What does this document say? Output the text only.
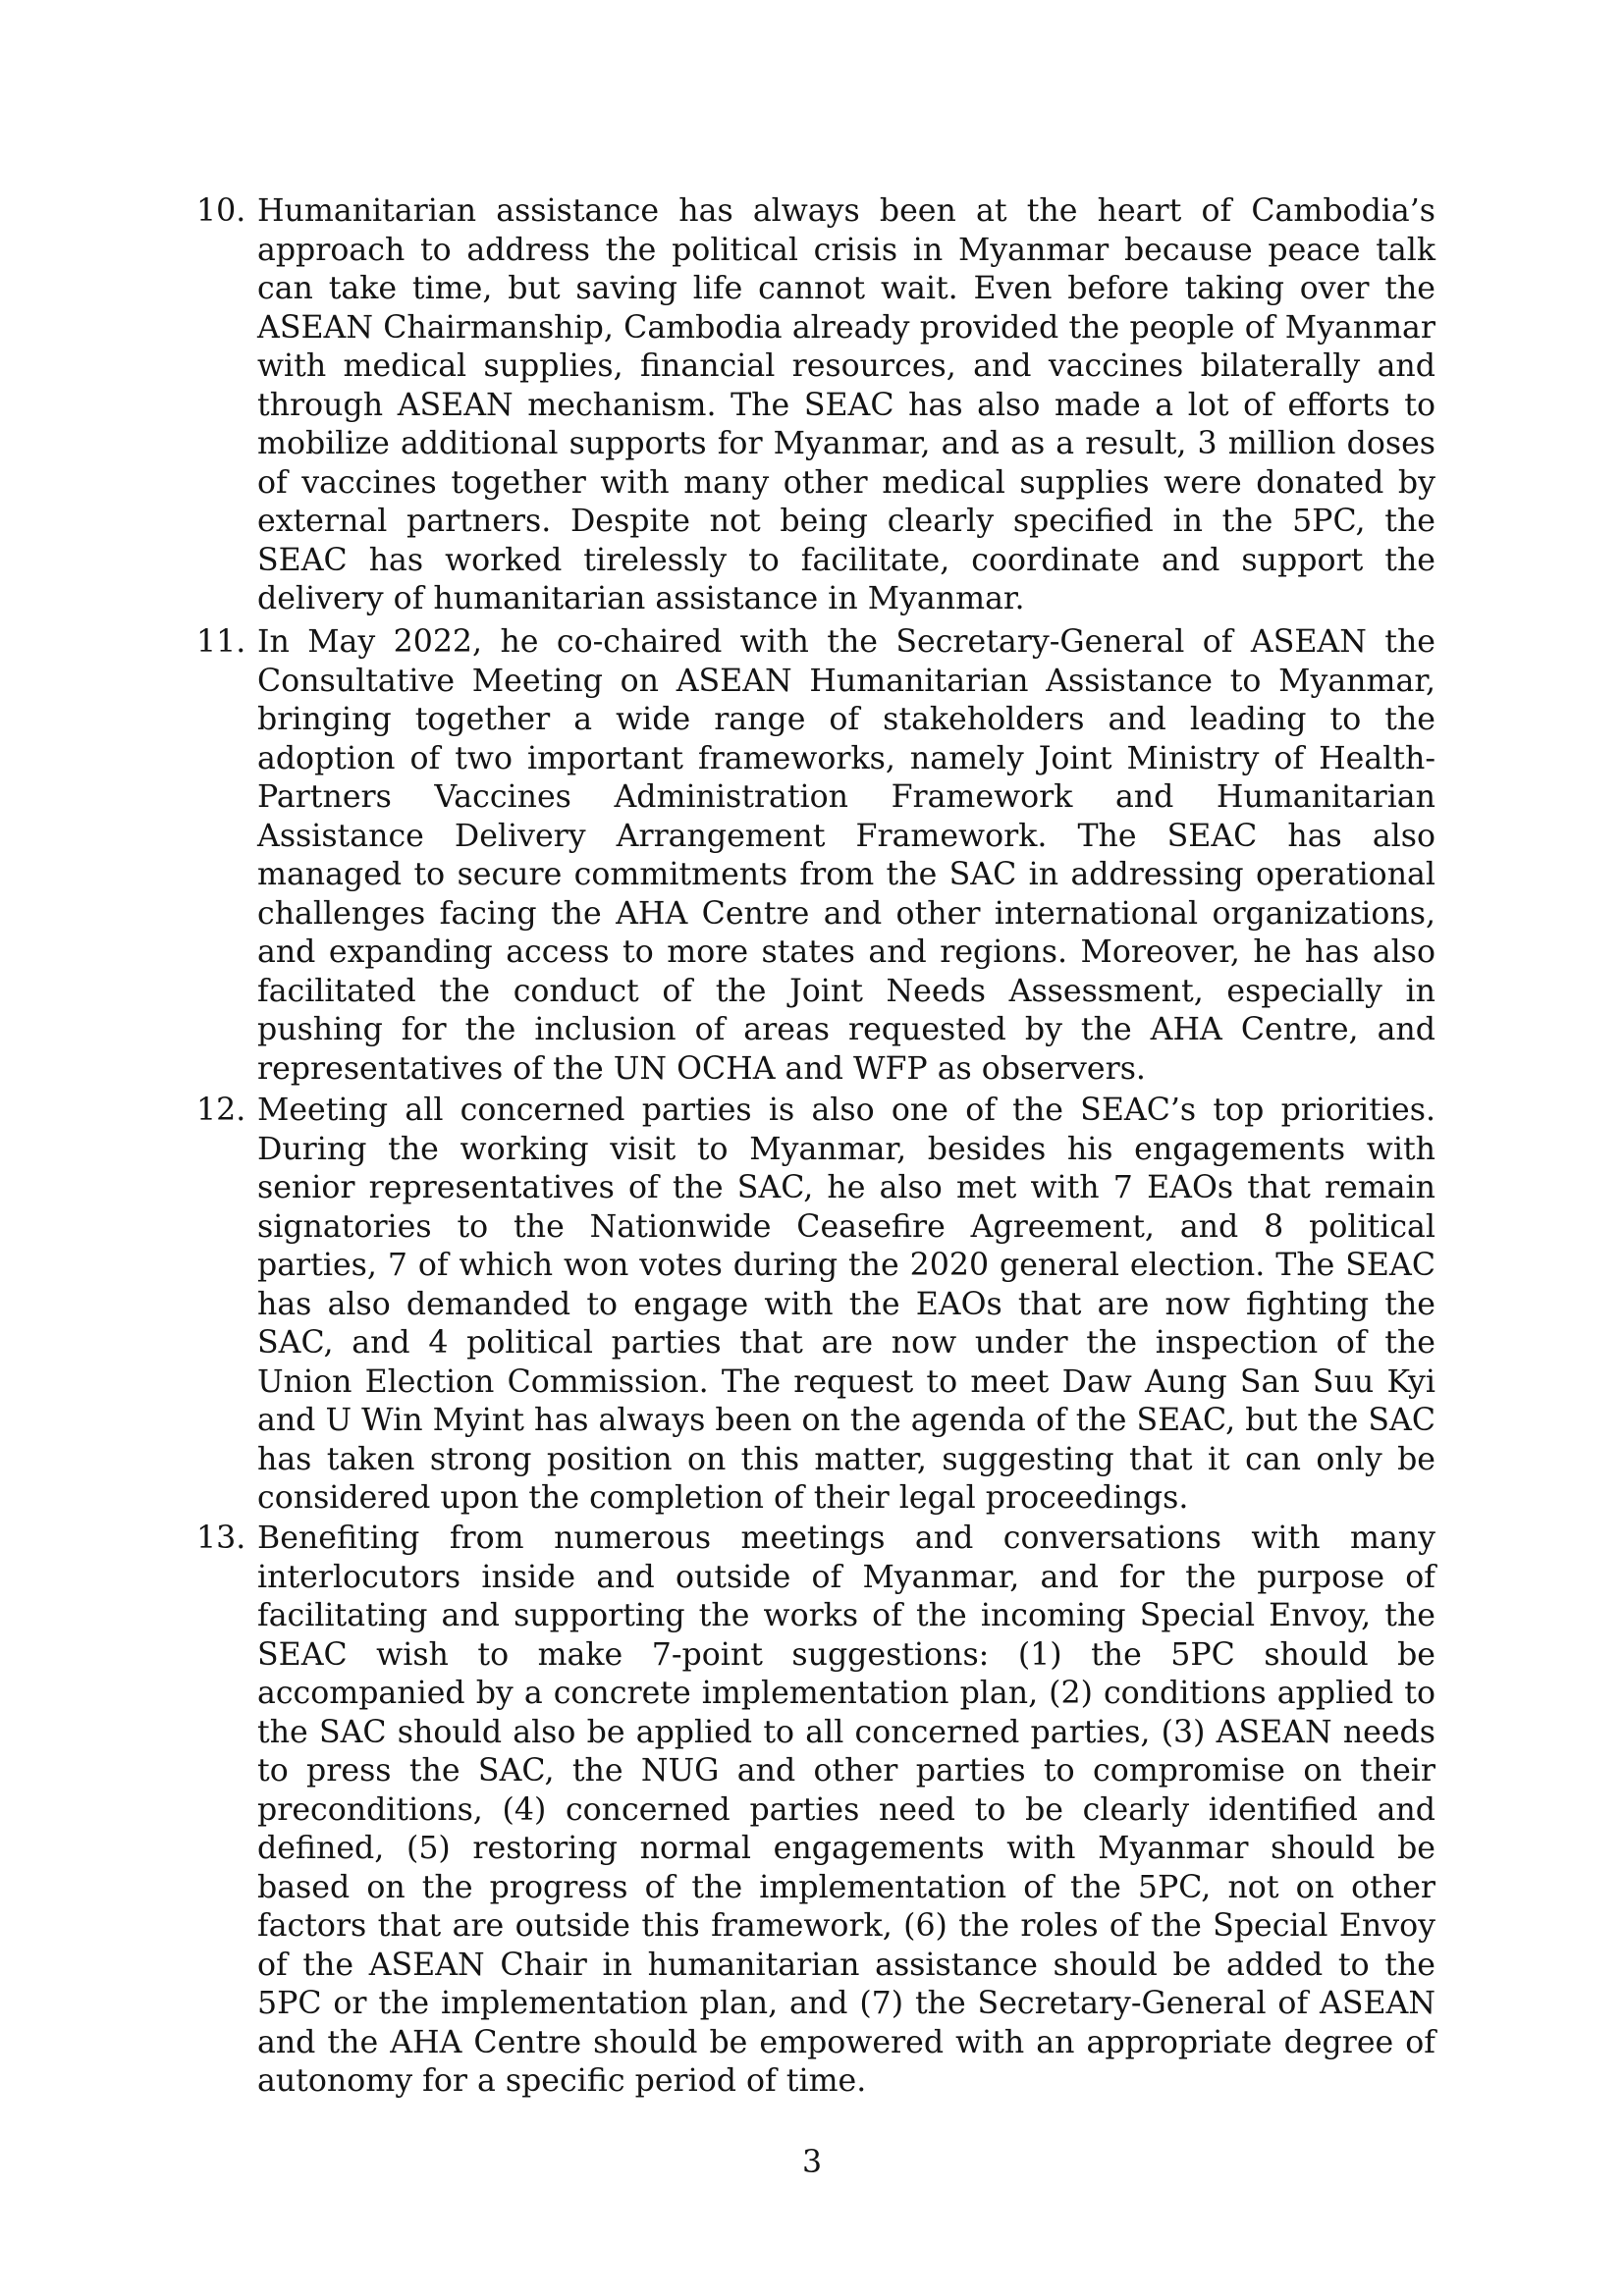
10. Humanitarian assistance has always been at the heart of Cambodia’s approach to address the political crisis in Myanmar because peace talk can take time, but saving life cannot wait. Even before taking over the ASEAN Chairmanship, Cambodia already provided the people of Myanmar with medical supplies, financial resources, and vaccines bilaterally and through ASEAN mechanism. The SEAC has also made a lot of efforts to mobilize additional supports for Myanmar, and as a result, 3 million doses of vaccines together with many other medical supplies were donated by external partners. Despite not being clearly specified in the 5PC, the SEAC has worked tirelessly to facilitate, coordinate and support the delivery of humanitarian assistance in Myanmar.
11. In May 2022, he co-chaired with the Secretary-General of ASEAN the Consultative Meeting on ASEAN Humanitarian Assistance to Myanmar, bringing together a wide range of stakeholders and leading to the adoption of two important frameworks, namely Joint Ministry of Health-Partners Vaccines Administration Framework and Humanitarian Assistance Delivery Arrangement Framework. The SEAC has also managed to secure commitments from the SAC in addressing operational challenges facing the AHA Centre and other international organizations, and expanding access to more states and regions. Moreover, he has also facilitated the conduct of the Joint Needs Assessment, especially in pushing for the inclusion of areas requested by the AHA Centre, and representatives of the UN OCHA and WFP as observers.
12. Meeting all concerned parties is also one of the SEAC’s top priorities. During the working visit to Myanmar, besides his engagements with senior representatives of the SAC, he also met with 7 EAOs that remain signatories to the Nationwide Ceasefire Agreement, and 8 political parties, 7 of which won votes during the 2020 general election. The SEAC has also demanded to engage with the EAOs that are now fighting the SAC, and 4 political parties that are now under the inspection of the Union Election Commission. The request to meet Daw Aung San Suu Kyi and U Win Myint has always been on the agenda of the SEAC, but the SAC has taken strong position on this matter, suggesting that it can only be considered upon the completion of their legal proceedings.
13. Benefiting from numerous meetings and conversations with many interlocutors inside and outside of Myanmar, and for the purpose of facilitating and supporting the works of the incoming Special Envoy, the SEAC wish to make 7-point suggestions: (1) the 5PC should be accompanied by a concrete implementation plan, (2) conditions applied to the SAC should also be applied to all concerned parties, (3) ASEAN needs to press the SAC, the NUG and other parties to compromise on their preconditions, (4) concerned parties need to be clearly identified and defined, (5) restoring normal engagements with Myanmar should be based on the progress of the implementation of the 5PC, not on other factors that are outside this framework, (6) the roles of the Special Envoy of the ASEAN Chair in humanitarian assistance should be added to the 5PC or the implementation plan, and (7) the Secretary-General of ASEAN and the AHA Centre should be empowered with an appropriate degree of autonomy for a specific period of time.
3
